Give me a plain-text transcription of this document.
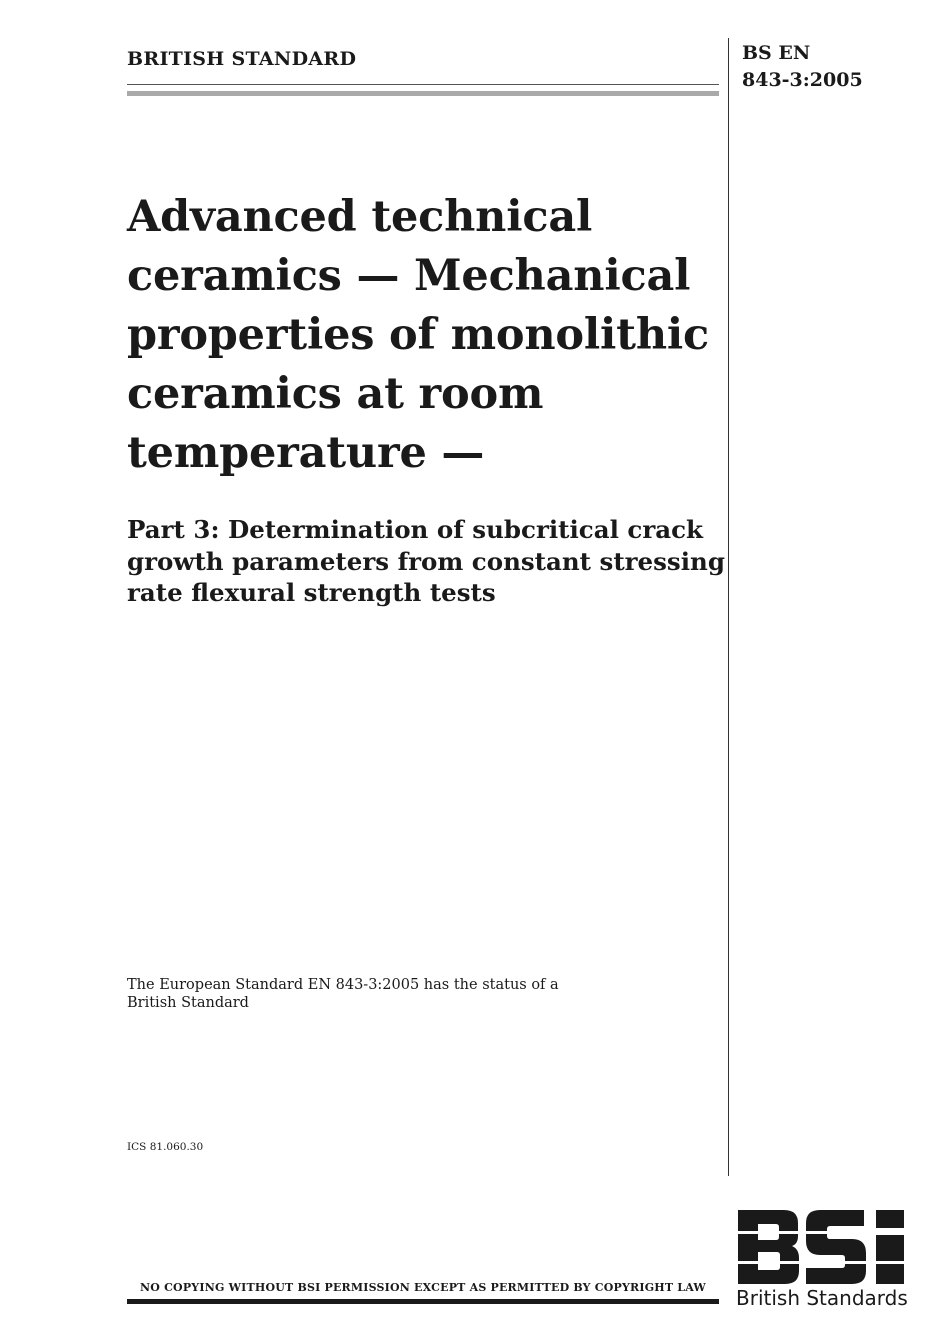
BRITISH STANDARD	BS EN
843-3:2005
Advanced technical ceramics — Mechanical properties of monolithic ceramics at room temperature —
Part 3: Determination of subcritical crack growth parameters from constant stressing rate flexural strength tests
The European Standard EN 843-3:2005 has the status of a
British Standard
ICS 81.060.30
NO COPYING WITHOUT BSI PERMISSION EXCEPT AS PERMITTED BY COPYRIGHT LAW	British Standards
